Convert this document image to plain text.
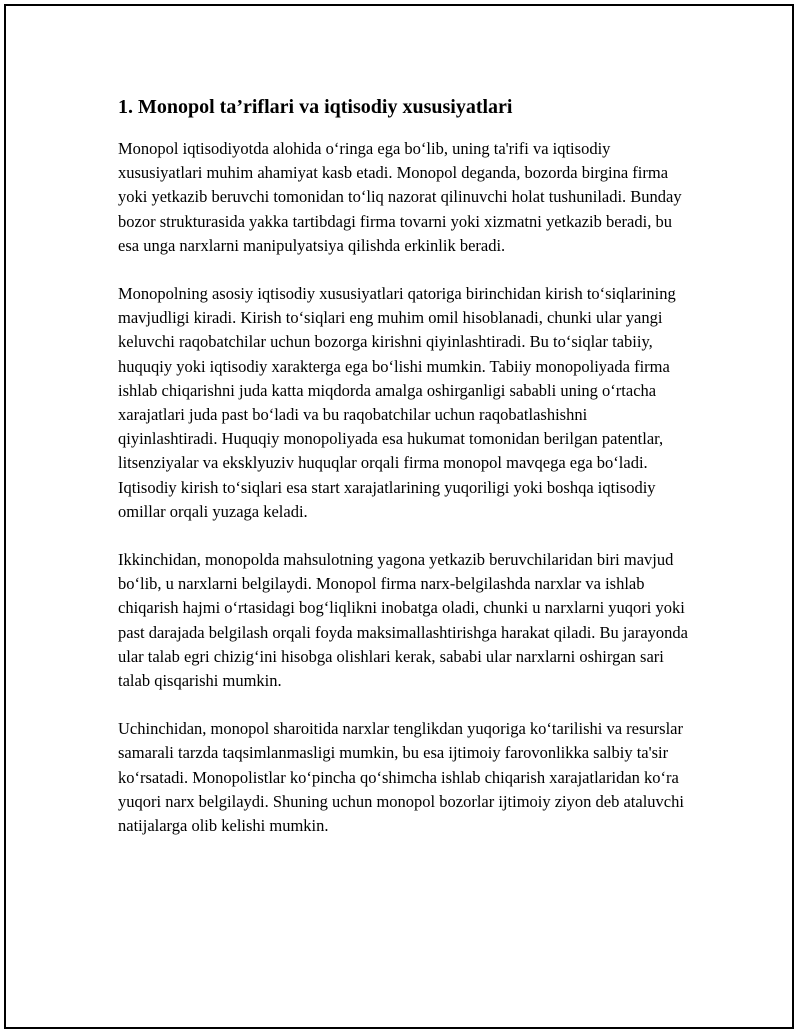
1. Monopol ta’riflari va iqtisodiy xususiyatlari

Monopol iqtisodiyotda alohida o‘ringa ega bo‘lib, uning ta'rifi va iqtisodiy xususiyatlari muhim ahamiyat kasb etadi. Monopol deganda, bozorda birgina firma yoki yetkazib beruvchi tomonidan to‘liq nazorat qilinuvchi holat tushuniladi. Bunday bozor strukturasida yakka tartibdagi firma tovarni yoki xizmatni yetkazib beradi, bu esa unga narxlarni manipulyatsiya qilishda erkinlik beradi.

Monopolning asosiy iqtisodiy xususiyatlari qatoriga birinchidan kirish to‘siqlarining mavjudligi kiradi. Kirish to‘siqlari eng muhim omil hisoblanadi, chunki ular yangi keluvchi raqobatchilar uchun bozorga kirishni qiyinlashtiradi. Bu to‘siqlar tabiiy, huquqiy yoki iqtisodiy xarakterga ega bo‘lishi mumkin. Tabiiy monopoliyada firma ishlab chiqarishni juda katta miqdorda amalga oshirganligi sababli uning o‘rtacha xarajatlari juda past bo‘ladi va bu raqobatchilar uchun raqobatlashishni qiyinlashtiradi. Huquqiy monopoliyada esa hukumat tomonidan berilgan patentlar, litsenziyalar va eksklyuziv huquqlar orqali firma monopol mavqega ega bo‘ladi. Iqtisodiy kirish to‘siqlari esa start xarajatlarining yuqoriligi yoki boshqa iqtisodiy omillar orqali yuzaga keladi.

Ikkinchidan, monopolda mahsulotning yagona yetkazib beruvchilaridan biri mavjud bo‘lib, u narxlarni belgilaydi. Monopol firma narx-belgilashda narxlar va ishlab chiqarish hajmi o‘rtasidagi bog‘liqlikni inobatga oladi, chunki u narxlarni yuqori yoki past darajada belgilash orqali foyda maksimallashtirishga harakat qiladi. Bu jarayonda ular talab egri chizig‘ini hisobga olishlari kerak, sababi ular narxlarni oshirgan sari talab qisqarishi mumkin.

Uchinchidan, monopol sharoitida narxlar tenglikdan yuqoriga ko‘tarilishi va resurslar samarali tarzda taqsimlanmasligi mumkin, bu esa ijtimoiy farovonlikka salbiy ta'sir ko‘rsatadi. Monopolistlar ko‘pincha qo‘shimcha ishlab chiqarish xarajatlaridan ko‘ra yuqori narx belgilaydi. Shuning uchun monopol bozorlar ijtimoiy ziyon deb ataluvchi natijalarga olib kelishi mumkin.
